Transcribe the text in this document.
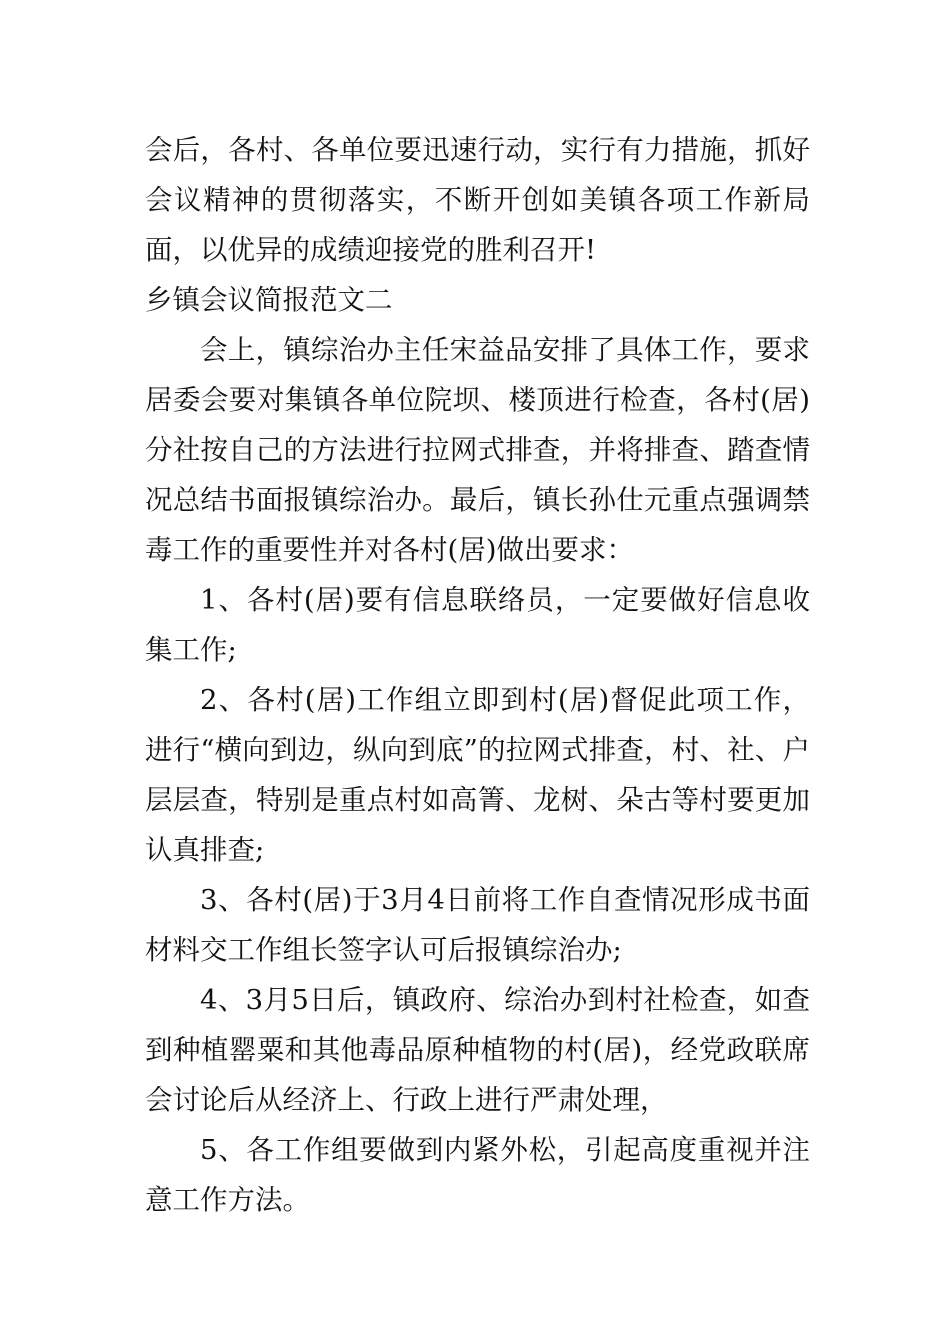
会后，各村、各单位要迅速行动，实行有力措施，抓好会议精神的贯彻落实，不断开创如美镇各项工作新局面，以优异的成绩迎接党的胜利召开!

乡镇会议简报范文二

会上，镇综治办主任宋益品安排了具体工作，要求居委会要对集镇各单位院坝、楼顶进行检查，各村(居)分社按自己的方法进行拉网式排查，并将排查、踏查情况总结书面报镇综治办。最后，镇长孙仕元重点强调禁毒工作的重要性并对各村(居)做出要求：

1、各村(居)要有信息联络员，一定要做好信息收集工作;

2、各村(居)工作组立即到村(居)督促此项工作，进行“横向到边，纵向到底”的拉网式排查，村、社、户层层查，特别是重点村如高箐、龙树、朵古等村要更加认真排查;

3、各村(居)于3月4日前将工作自查情况形成书面材料交工作组长签字认可后报镇综治办;

4、3月5日后，镇政府、综治办到村社检查，如查到种植罂粟和其他毒品原种植物的村(居)，经党政联席会讨论后从经济上、行政上进行严肃处理，

5、各工作组要做到内紧外松，引起高度重视并注意工作方法。
